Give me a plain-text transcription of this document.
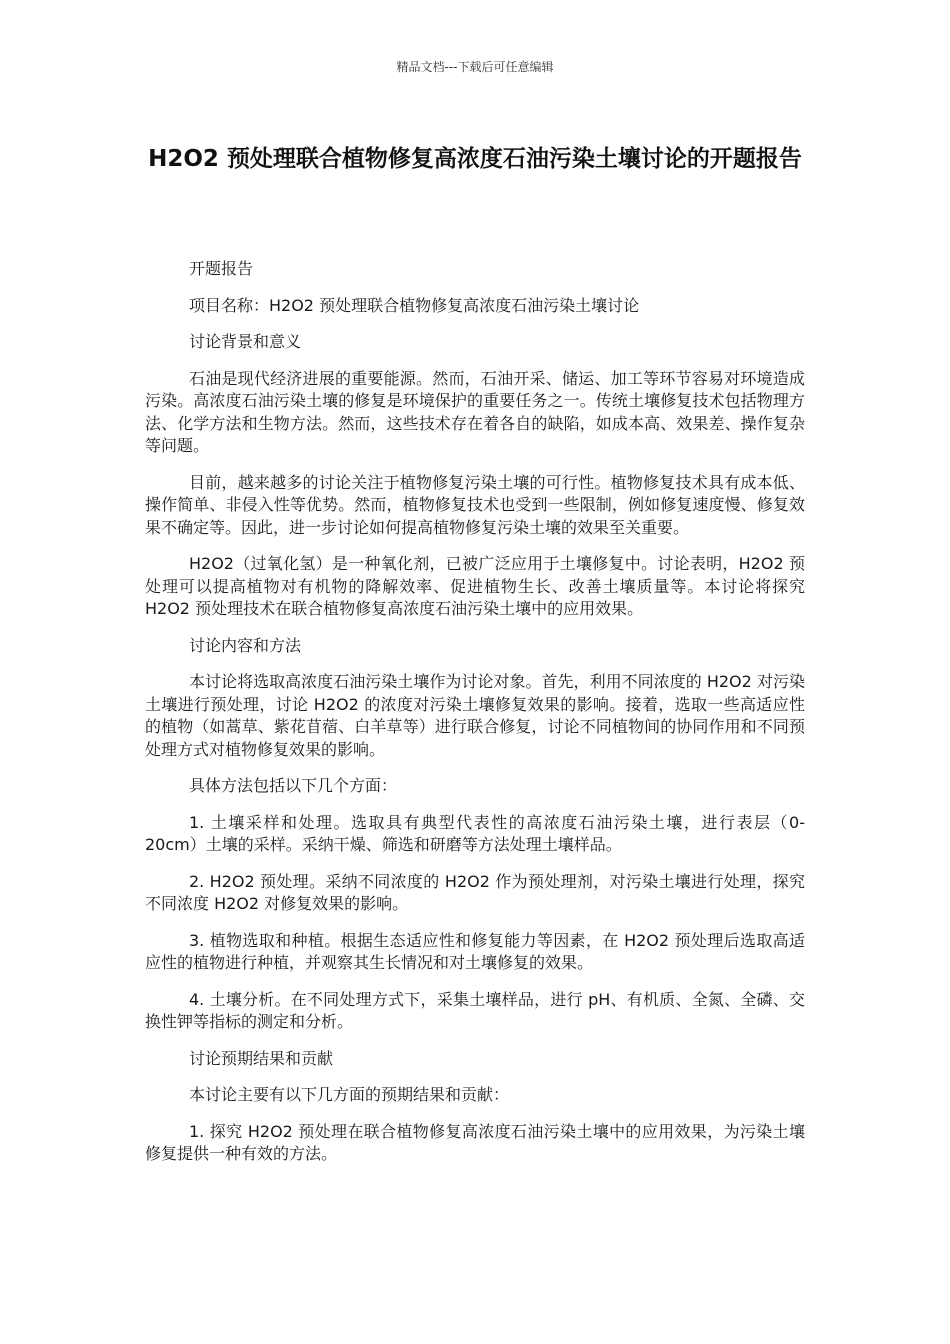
精品文档---下载后可任意编辑
H2O2 预处理联合植物修复高浓度石油污染土壤讨论的开题报告

开题报告

项目名称：H2O2 预处理联合植物修复高浓度石油污染土壤讨论

讨论背景和意义

石油是现代经济进展的重要能源。然而，石油开采、储运、加工等环节容易对环境造成污染。高浓度石油污染土壤的修复是环境保护的重要任务之一。传统土壤修复技术包括物理方法、化学方法和生物方法。然而，这些技术存在着各自的缺陷，如成本高、效果差、操作复杂等问题。

目前，越来越多的讨论关注于植物修复污染土壤的可行性。植物修复技术具有成本低、操作简单、非侵入性等优势。然而，植物修复技术也受到一些限制，例如修复速度慢、修复效果不确定等。因此，进一步讨论如何提高植物修复污染土壤的效果至关重要。

H2O2（过氧化氢）是一种氧化剂，已被广泛应用于土壤修复中。讨论表明，H2O2 预处理可以提高植物对有机物的降解效率、促进植物生长、改善土壤质量等。本讨论将探究 H2O2 预处理技术在联合植物修复高浓度石油污染土壤中的应用效果。

讨论内容和方法

本讨论将选取高浓度石油污染土壤作为讨论对象。首先，利用不同浓度的 H2O2 对污染土壤进行预处理，讨论 H2O2 的浓度对污染土壤修复效果的影响。接着，选取一些高适应性的植物（如蒿草、紫花苜蓿、白羊草等）进行联合修复，讨论不同植物间的协同作用和不同预处理方式对植物修复效果的影响。

具体方法包括以下几个方面：

1. 土壤采样和处理。选取具有典型代表性的高浓度石油污染土壤，进行表层（0-20cm）土壤的采样。采纳干燥、筛选和研磨等方法处理土壤样品。

2. H2O2 预处理。采纳不同浓度的 H2O2 作为预处理剂，对污染土壤进行处理，探究不同浓度 H2O2 对修复效果的影响。

3. 植物选取和种植。根据生态适应性和修复能力等因素，在 H2O2 预处理后选取高适应性的植物进行种植，并观察其生长情况和对土壤修复的效果。

4. 土壤分析。在不同处理方式下，采集土壤样品，进行 pH、有机质、全氮、全磷、交换性钾等指标的测定和分析。

讨论预期结果和贡献

本讨论主要有以下几方面的预期结果和贡献：

1. 探究 H2O2 预处理在联合植物修复高浓度石油污染土壤中的应用效果，为污染土壤修复提供一种有效的方法。
